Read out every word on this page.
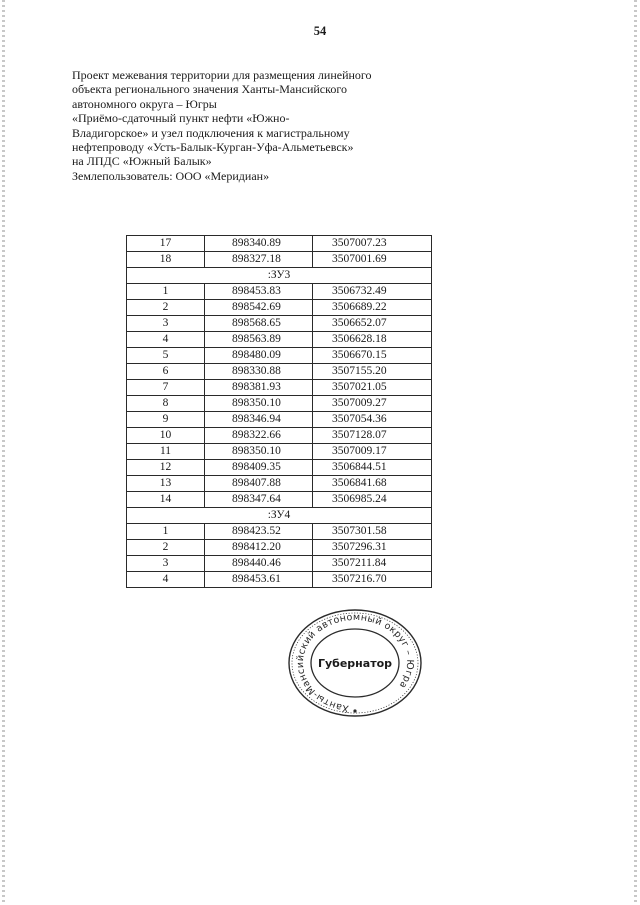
54
Проект межевания территории для размещения линейного
объекта регионального значения Ханты-Мансийского
автономного округа – Югры
«Приёмо-сдаточный пункт нефти «Южно-
Владигорское» и узел подключения к магистральному
нефтепроводу «Усть-Балык-Курган-Уфа-Альметьевск»
на ЛПДС «Южный Балык»
Землепользователь: ООО «Меридиан»
17	898340.89	3507007.23
18	898327.18	3507001.69
:ЗУ3		
1	898453.83	3506732.49
2	898542.69	3506689.22
3	898568.65	3506652.07
4	898563.89	3506628.18
5	898480.09	3506670.15
6	898330.88	3507155.20
7	898381.93	3507021.05
8	898350.10	3507009.27
9	898346.94	3507054.36
10	898322.66	3507128.07
11	898350.10	3507009.17
12	898409.35	3506844.51
13	898407.88	3506841.68
14	898347.64	3506985.24
:ЗУ4		
1	898423.52	3507301.58
2	898412.20	3507296.31
3	898440.46	3507211.84
4	898453.61	3507216.70
Ханты-Мансийский автономный округ – Югра
Губернатор
